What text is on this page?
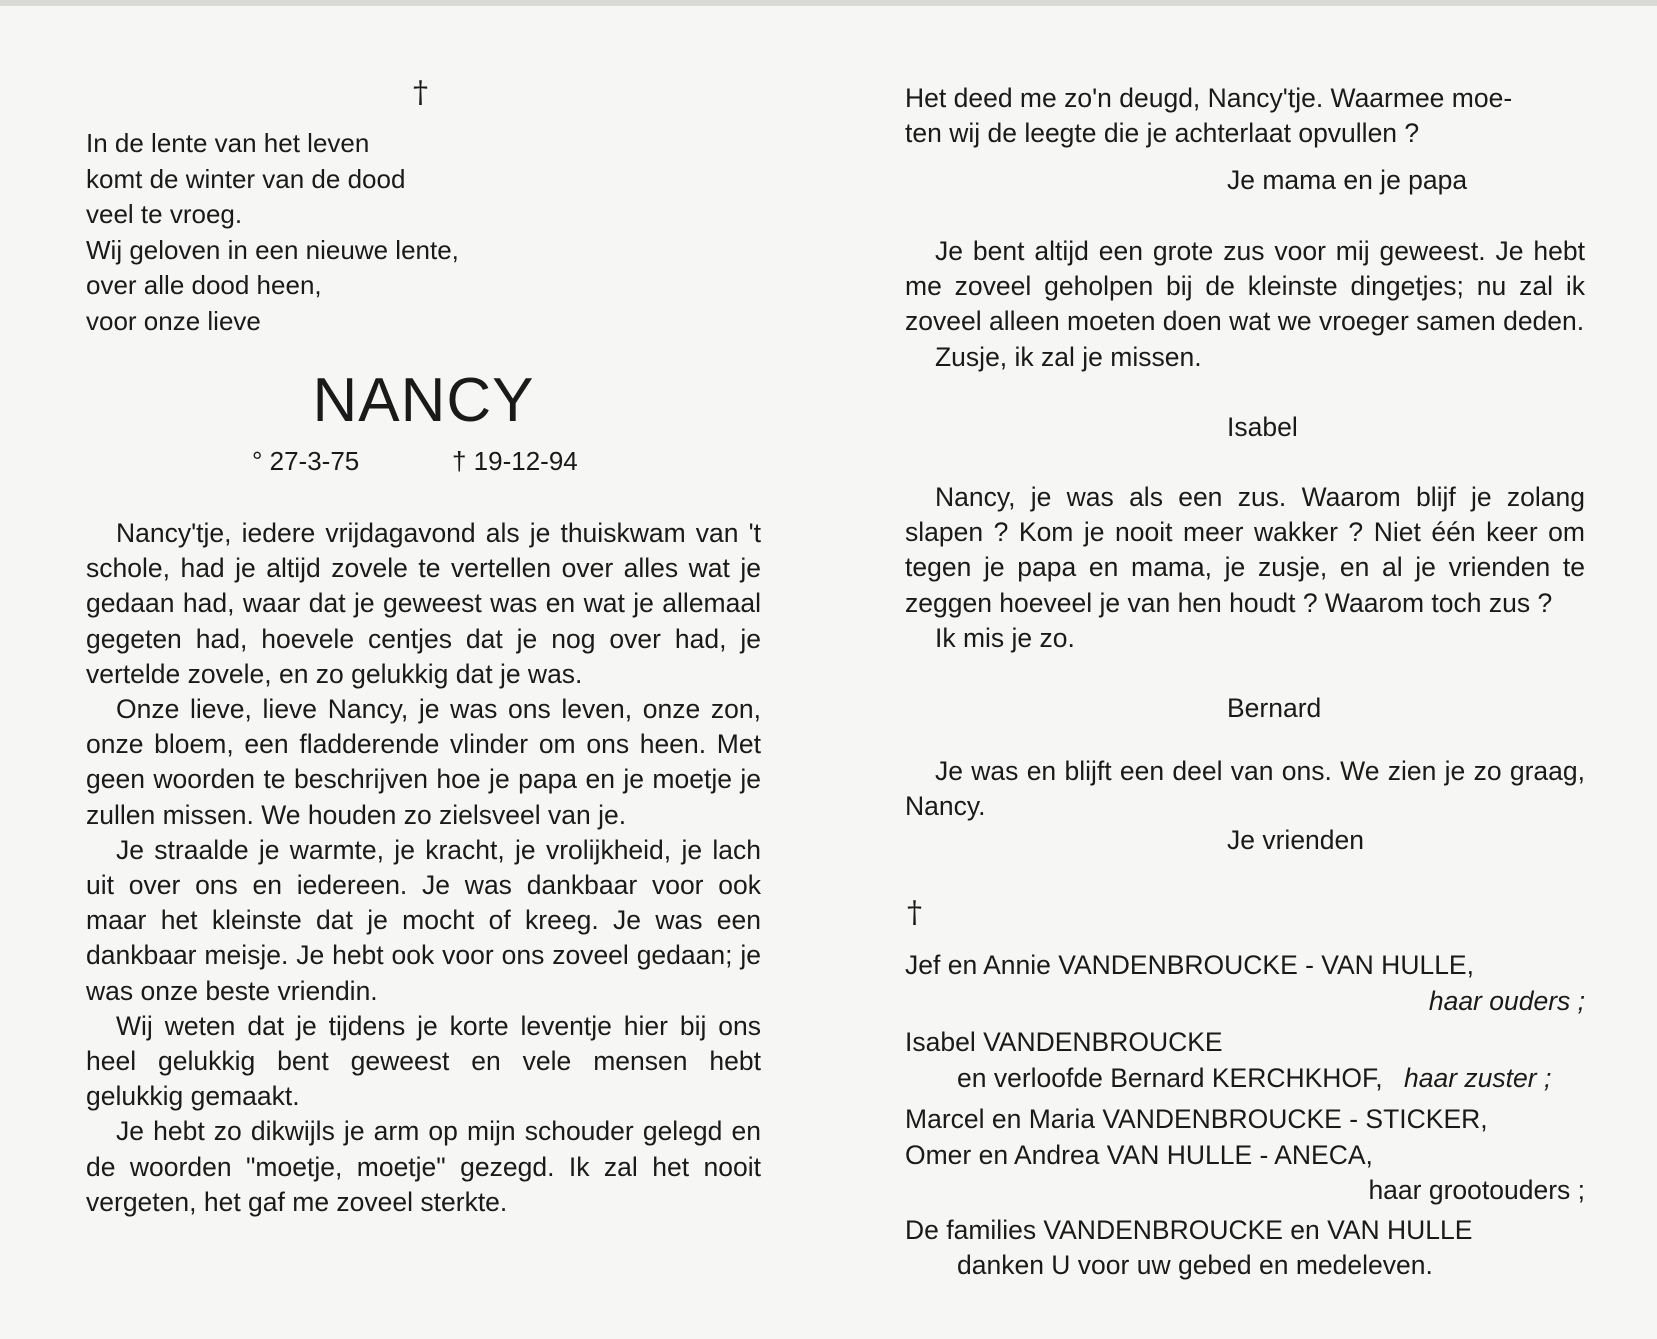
†
In de lente van het leven
komt de winter van de dood
veel te vroeg.
Wij geloven in een nieuwe lente,
over alle dood heen,
voor onze lieve
NANCY
° 27-3-75	† 19-12-94

Nancy'tje, iedere vrijdagavond als je thuiskwam van 't schole, had je altijd zovele te vertellen over alles wat je gedaan had, waar dat je geweest was en wat je allemaal gegeten had, hoevele centjes dat je nog over had, je vertelde zovele, en zo gelukkig dat je was.

Onze lieve, lieve Nancy, je was ons leven, onze zon, onze bloem, een fladderende vlinder om ons heen. Met geen woorden te beschrijven hoe je papa en je moetje je zullen missen. We houden zo zielsveel van je.

Je straalde je warmte, je kracht, je vrolijkheid, je lach uit over ons en iedereen. Je was dankbaar voor ook maar het kleinste dat je mocht of kreeg. Je was een dankbaar meisje. Je hebt ook voor ons zoveel gedaan; je was onze beste vriendin.

Wij weten dat je tijdens je korte leventje hier bij ons heel gelukkig bent geweest en vele mensen hebt gelukkig gemaakt.

Je hebt zo dikwijls je arm op mijn schouder gelegd en de woorden "moetje, moetje" gezegd. Ik zal het nooit vergeten, het gaf me zoveel sterkte.

Het deed me zo'n deugd, Nancy'tje. Waarmee moe-
ten wij de leegte die je achterlaat opvullen ?
Je mama en je papa

Je bent altijd een grote zus voor mij geweest. Je hebt me zoveel geholpen bij de kleinste dingetjes; nu zal ik zoveel alleen moeten doen wat we vroeger samen deden.

Zusje, ik zal je missen.

Isabel

Nancy, je was als een zus. Waarom blijf je zolang slapen ? Kom je nooit meer wakker ? Niet één keer om tegen je papa en mama, je zusje, en al je vrienden te zeggen hoeveel je van hen houdt ? Waarom toch zus ?

Ik mis je zo.

Bernard

Je was en blijft een deel van ons. We zien je zo graag, Nancy.

Je vrienden
†
Jef en Annie VANDENBROUCKE - VAN HULLE,
haar ouders ;
Isabel VANDENBROUCKE
en verloofde Bernard KERCHKHOF, haar zuster ;
Marcel en Maria VANDENBROUCKE - STICKER,
Omer en Andrea VAN HULLE - ANECA,
haar grootouders ;
De families VANDENBROUCKE en VAN HULLE
danken U voor uw gebed en medeleven.
